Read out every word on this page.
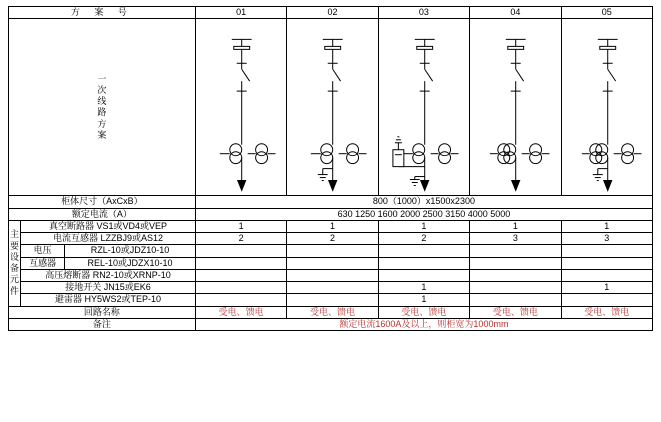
方 案 号			01	02	03	04	05

一
次
线
路
方
案

柜体尺寸（AxCxB）			800（1000）x1500x2300				
额定电流（A）			630 1250 1600 2000 2500 3150 4000 5000				

主
要
设
备
元
件
	真空断路器 VS1或VD4或VEP	1	1	1	1	1
	电流互感器 LZZBJ9或AS12		2	2	2	3	3
	电压	RZL-10或JDZ10-10					
	互感器	REL-10或JDZX10-10					
	高压熔断器 RN2-10或XRNP-10						
	接地开关 JN15或EK6				1		1
	避雷器 HY5WS2或TEP-10				1		
回路名称			受电、馈电	受电、馈电	受电、馈电	受电、馈电	受电、馈电
备注			额定电流1600A及以上，则柜宽为1000mm				
